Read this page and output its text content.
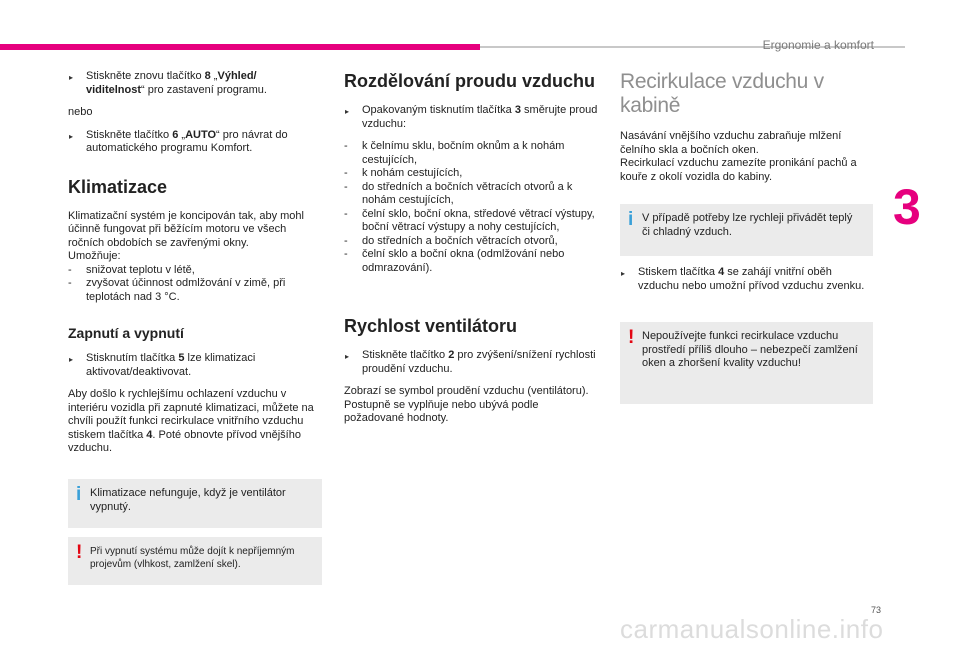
Ergonomie a komfort
3
▸ Stiskněte znovu tlačítko 8 „Výhled/ viditelnost“ pro zastavení programu.

nebo

▸ Stiskněte tlačítko 6 „AUTO“ pro návrat do automatického programu Komfort.
Klimatizace

Klimatizační systém je koncipován tak, aby mohl účinně fungovat při běžícím motoru ve všech ročních obdobích se zavřenými okny.

Umožňuje:

- snižovat teplotu v létě,
- zvyšovat účinnost odmlžování v zimě, při teplotách nad 3 °C.
Zapnutí a vypnutí
▸ Stisknutím tlačítka 5 lze klimatizaci aktivovat/deaktivovat.

Aby došlo k rychlejšímu ochlazení vzduchu v interiéru vozidla při zapnuté klimatizaci, můžete na chvíli použít funkci recirkulace vnitřního vzduchu stiskem tlačítka 4. Poté obnovte přívod vnějšího vzduchu.

i Klimatizace nefunguje, když je ventilátor vypnutý.
! Při vypnutí systému může dojít k nepříjemným projevům (vlhkost, zamlžení skel).
Rozdělování proudu vzduchu
▸ Opakovaným tisknutím tlačítka 3 směrujte proud vzduchu:
- k čelnímu sklu, bočním oknům a k nohám cestujících,
- k nohám cestujících,
- do středních a bočních větracích otvorů a k nohám cestujících,
- čelní sklo, boční okna, středové větrací výstupy, boční větrací výstupy a nohy cestujících,
- do středních a bočních větracích otvorů,
- čelní sklo a boční okna (odmlžování nebo odmrazování).
Rychlost ventilátoru
▸ Stiskněte tlačítko 2 pro zvýšení/snížení rychlosti proudění vzduchu.

Zobrazí se symbol proudění vzduchu (ventilátoru). Postupně se vyplňuje nebo ubývá podle požadované hodnoty.

Recirkulace vzduchu v kabině

Nasávání vnějšího vzduchu zabraňuje mlžení čelního skla a bočních oken.

Recirkulací vzduchu zamezíte pronikání pachů a kouře z okolí vozidla do kabiny.

i V případě potřeby lze rychleji přivádět teplý či chladný vzduch.
▸ Stiskem tlačítka 4 se zahájí vnitřní oběh vzduchu nebo umožní přívod vzduchu zvenku.
! Nepoužívejte funkci recirkulace vzduchu prostředí příliš dlouho – nebezpečí zamlžení oken a zhoršení kvality vzduchu!
73
carmanualsonline.info
